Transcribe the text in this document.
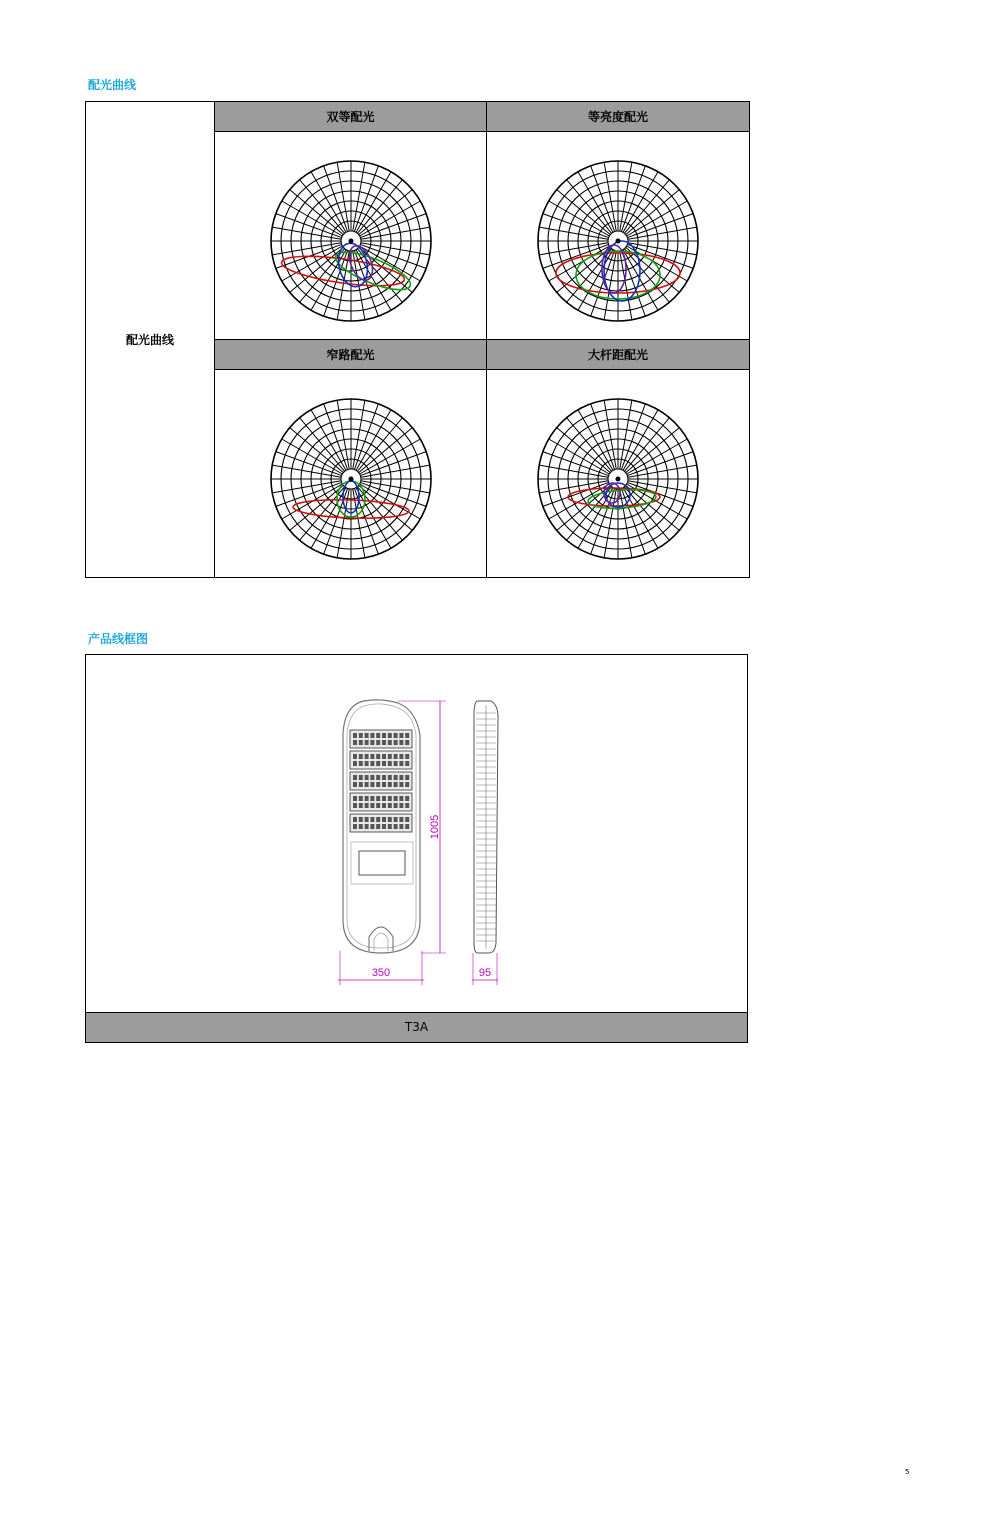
配光曲线
配光曲线	双等配光	等亮度配光

	窄路配光	大杆距配光

产品线框图
350
1005
95
T3A
5
